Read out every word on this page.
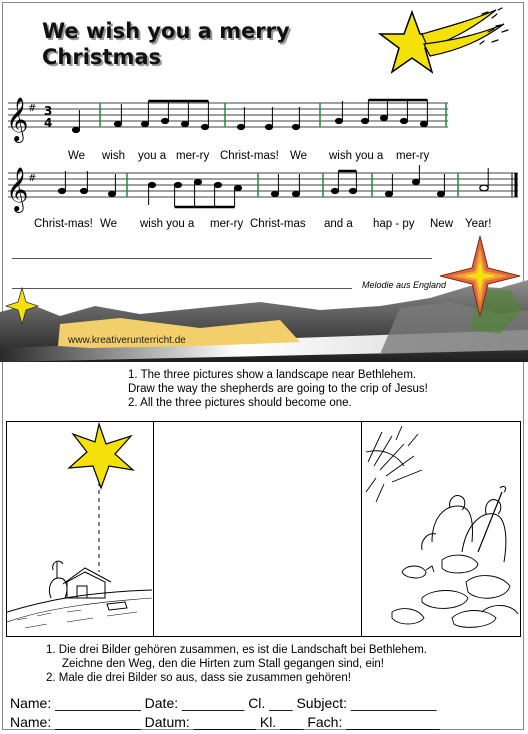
We wish you a merry
Christmas
𝄞 # 3
4
We wish you a mer-ry Christ-mas! We wish you a mer-ry
𝄞 #
Christ-mas! We wish you a mer-ry Christ-mas and a hap - py New Year!
Melodie aus England
www.kreativerunterricht.de
1. The three pictures show a landscape near Bethlehem.
Draw the way the shepherds are going to the crip of Jesus!
2. All the three pictures should become one.
1. Die drei Bilder gehören zusammen, es ist die Landschaft bei Bethlehem.
Zeichne den Weg, den die Hirten zum Stall gegangen sind, ein!
2. Male die drei Bilder so aus, dass sie zusammen gehören!
Name: ___________ Date: ________ Cl. ___ Subject: ___________
Name: ___________ Datum: ________ Kl. ___ Fach: ____________
